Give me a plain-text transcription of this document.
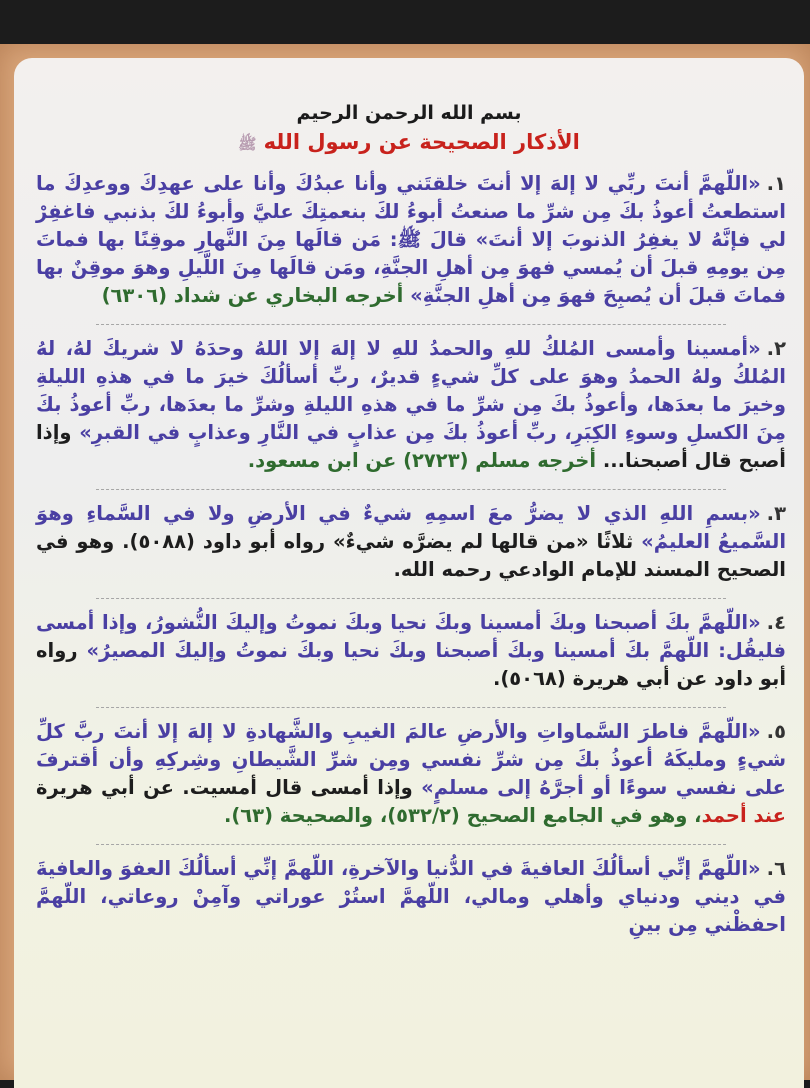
بسم الله الرحمن الرحيم
الأذكار الصحيحة عن رسول الله ﷺ
١.«اللّهمَّ أنتَ ربِّي لا إلهَ إلا أنتَ خلقتَني وأنا عبدُكَ وأنا على عهدِكَ ووعدِكَ ما استطعتُ أعوذُ بكَ مِن شرِّ ما صنعتُ أبوءُ لكَ بنعمتِكَ عليَّ وأبوءُ لكَ بذنبي فاغفِرْ لي فإنَّهُ لا يغفِرُ الذنوبَ إلا أنتَ» قالَ ﷺ: مَن قالَها مِنَ النَّهارِ موقِنًا بها فماتَ مِن يومِهِ قبلَ أن يُمسي فهوَ مِن أهلِ الجنَّةِ، ومَن قالَها مِنَ اللَّيلِ وهوَ موقِنٌ بها فماتَ قبلَ أن يُصبِحَ فهوَ مِن أهلِ الجنَّةِ» أخرجه البخاري عن شداد (٦٣٠٦)
٢.«أمسينا وأمسى المُلكُ للهِ والحمدُ للهِ لا إلهَ إلا اللهُ وحدَهُ لا شريكَ لهُ، لهُ المُلكُ ولهُ الحمدُ وهوَ على كلِّ شيءٍ قديرٌ، ربِّ أسألُكَ خيرَ ما في هذهِ الليلةِ وخيرَ ما بعدَها، وأعوذُ بكَ مِن شرِّ ما في هذهِ الليلةِ وشرِّ ما بعدَها، ربِّ أعوذُ بكَ مِنَ الكسلِ وسوءِ الكِبَرِ، ربِّ أعوذُ بكَ مِن عذابٍ في النَّارِ وعذابٍ في القبرِ» وإذا أصبح قال أصبحنا... أخرجه مسلم (٢٧٢٣) عن ابن مسعود.
٣.«بسمِ اللهِ الذي لا يضرُّ معَ اسمِهِ شيءٌ في الأرضِ ولا في السَّماءِ وهوَ السَّميعُ العليمُ» ثلاثًا «من قالها لم يضرَّه شيءٌ» رواه أبو داود (٥٠٨٨). وهو في الصحيح المسند للإمام الوادعي رحمه الله.
٤.«اللّهمَّ بكَ أصبحنا وبكَ أمسينا وبكَ نحيا وبكَ نموتُ وإليكَ النُّشورُ، وإذا أمسى فليقُل: اللّهمَّ بكَ أمسينا وبكَ أصبحنا وبكَ نحيا وبكَ نموتُ وإليكَ المصيرُ» رواه أبو داود عن أبي هريرة (٥٠٦٨).
٥.«اللّهمَّ فاطرَ السَّماواتِ والأرضِ عالمَ الغيبِ والشَّهادةِ لا إلهَ إلا أنتَ ربَّ كلِّ شيءٍ ومليكَهُ أعوذُ بكَ مِن شرِّ نفسي ومِن شرِّ الشَّيطانِ وشِركِهِ وأن أقترفَ على نفسي سوءًا أو أجرَّهُ إلى مسلمٍ» وإذا أمسى قال أمسيت. عن أبي هريرة عند أحمد، وهو في الجامع الصحيح (٥٣٢/٢)، والصحيحة (٦٣).
٦.«اللّهمَّ إنِّي أسألُكَ العافيةَ في الدُّنيا والآخرةِ، اللّهمَّ إنِّي أسألُكَ العفوَ والعافيةَ في ديني ودنياي وأهلي ومالي، اللّهمَّ استُرْ عوراتي وآمِنْ روعاتي، اللّهمَّ احفظْني مِن بينِ
